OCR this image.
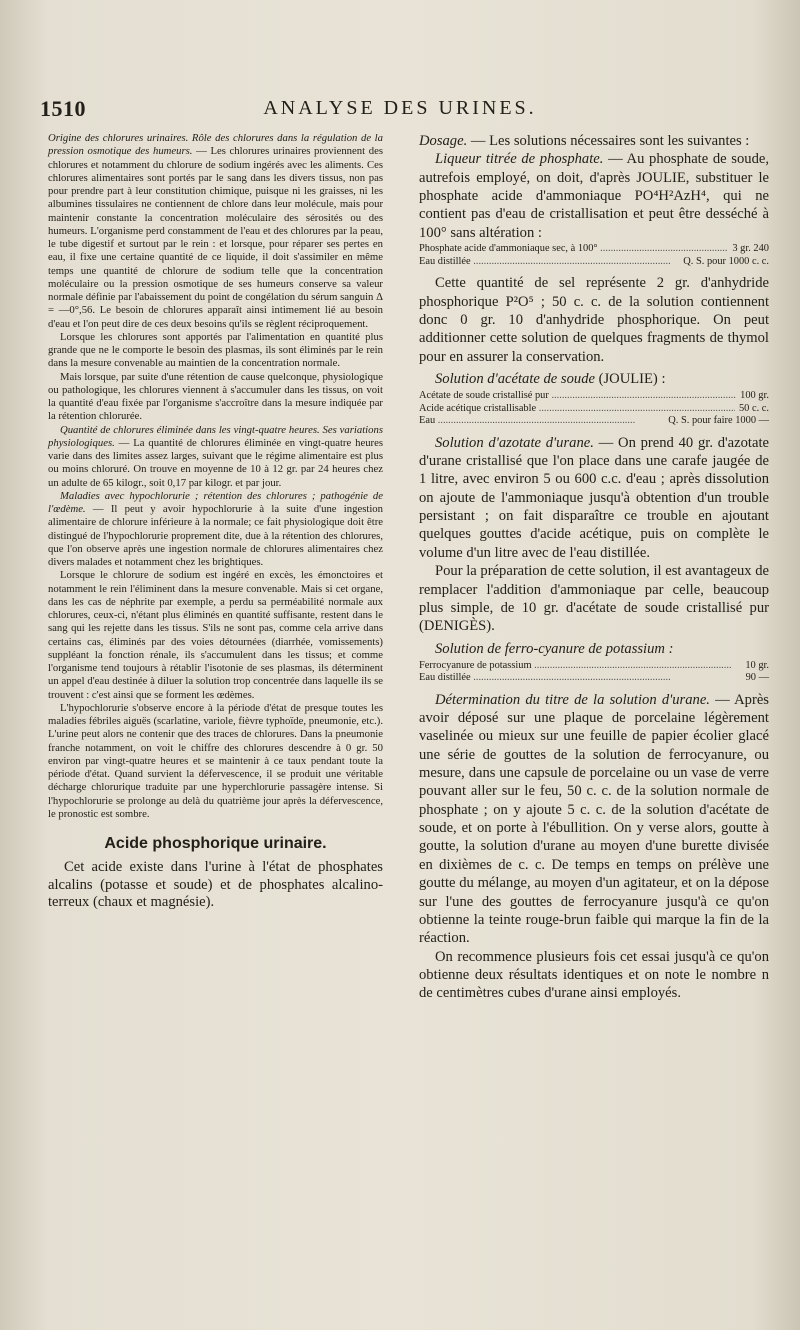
1510	ANALYSE DES URINES.

Origine des chlorures urinaires. Rôle des chlorures dans la régulation de la pression osmotique des humeurs. — Les chlorures urinaires proviennent des chlorures et notamment du chlorure de sodium ingérés avec les aliments. Ces chlorures alimentaires sont portés par le sang dans les divers tissus, non pas pour prendre part à leur constitution chimique, puisque ni les graisses, ni les albumines tissulaires ne contiennent de chlore dans leur molécule, mais pour maintenir constante la concentration moléculaire des sérosités ou des humeurs. L'organisme perd constamment de l'eau et des chlorures par la peau, le tube digestif et surtout par le rein : et lorsque, pour réparer ses pertes en eau, il fixe une certaine quantité de ce liquide, il doit s'assimiler en même temps une quantité de chlorure de sodium telle que la concentration moléculaire ou la pression osmotique de ses humeurs conserve sa valeur normale définie par l'abaissement du point de congélation du sérum sanguin Δ = —0°,56. Le besoin de chlorures apparaît ainsi intimement lié au besoin d'eau et l'on peut dire de ces deux besoins qu'ils se règlent réciproquement.

Lorsque les chlorures sont apportés par l'alimentation en quantité plus grande que ne le comporte le besoin des plasmas, ils sont éliminés par le rein dans la mesure convenable au maintien de la concentration normale.

Mais lorsque, par suite d'une rétention de cause quelconque, physiologique ou pathologique, les chlorures viennent à s'accumuler dans les tissus, on voit la quantité d'eau fixée par l'organisme s'accroître dans la mesure indiquée par la rétention chlorurée.

Quantité de chlorures éliminée dans les vingt-quatre heures. Ses variations physiologiques. — La quantité de chlorures éliminée en vingt-quatre heures varie dans des limites assez larges, suivant que le régime alimentaire est plus ou moins chloruré. On trouve en moyenne de 10 à 12 gr. par 24 heures chez un adulte de 65 kilogr., soit 0,17 par kilogr. et par jour.

Maladies avec hypochlorurie ; rétention des chlorures ; pathogénie de l'œdème. — Il peut y avoir hypochlorurie à la suite d'une ingestion alimentaire de chlorure inférieure à la normale; ce fait physiologique doit être distingué de l'hypochlorurie proprement dite, due à la rétention des chlorures, que l'on observe après une ingestion normale de chlorures alimentaires chez divers malades et notamment chez les brightiques.

Lorsque le chlorure de sodium est ingéré en excès, les émonctoires et notamment le rein l'éliminent dans la mesure convenable. Mais si cet organe, dans les cas de néphrite par exemple, a perdu sa perméabilité normale aux chlorures, ceux-ci, n'étant plus éliminés en quantité suffisante, restent dans le sang qui les rejette dans les tissus. S'ils ne sont pas, comme cela arrive dans certains cas, éliminés par des voies détournées (diarrhée, vomissements) suppléant la fonction rénale, ils s'accumulent dans les tissus; et comme l'organisme tend toujours à rétablir l'isotonie de ses plasmas, ils déterminent un appel d'eau destinée à diluer la solution trop concentrée dans laquelle ils se trouvent : c'est ainsi que se forment les œdèmes.

L'hypochlorurie s'observe encore à la période d'état de presque toutes les maladies fébriles aiguës (scarlatine, variole, fièvre typhoïde, pneumonie, etc.). L'urine peut alors ne contenir que des traces de chlorures. Dans la pneumonie franche notamment, on voit le chiffre des chlorures descendre à 0 gr. 50 environ par vingt-quatre heures et se maintenir à ce taux pendant toute la période d'état. Quand survient la défervescence, il se produit une véritable décharge chlorurique traduite par une hyperchlorurie passagère intense. Si l'hypochlorurie se prolonge au delà du quatrième jour après la défervescence, le pronostic est sombre.

Acide phosphorique urinaire.

Cet acide existe dans l'urine à l'état de phosphates alcalins (potasse et soude) et de phosphates alcalino-terreux (chaux et magnésie).

Dosage. — Les solutions nécessaires sont les suivantes :

Liqueur titrée de phosphate. — Au phosphate de soude, autrefois employé, on doit, d'après JOULIE, substituer le phosphate acide d'ammoniaque PO⁴H²AzH⁴, qui ne contient pas d'eau de cristallisation et peut être desséché à 100° sans altération :

Phosphate acide d'ammoniaque sec, à 100° .....	3 gr. 240
Eau distillée .....	Q. S. pour 1000 c. c.

Cette quantité de sel représente 2 gr. d'anhydride phosphorique P²O⁵ ; 50 c. c. de la solution contiennent donc 0 gr. 10 d'anhydride phosphorique. On peut additionner cette solution de quelques fragments de thymol pour en assurer la conservation.

Solution d'acétate de soude (JOULIE) :
Acétate de soude cristallisé pur .....	100 gr.
Acide acétique cristallisable .....	50 c. c.
Eau .....	Q. S. pour faire 1000 —

Solution d'azotate d'urane. — On prend 40 gr. d'azotate d'urane cristallisé que l'on place dans une carafe jaugée de 1 litre, avec environ 5 ou 600 c.c. d'eau ; après dissolution on ajoute de l'ammoniaque jusqu'à obtention d'un trouble persistant ; on fait disparaître ce trouble en ajoutant quelques gouttes d'acide acétique, puis on complète le volume d'un litre avec de l'eau distillée.

Pour la préparation de cette solution, il est avantageux de remplacer l'addition d'ammoniaque par celle, beaucoup plus simple, de 10 gr. d'acétate de soude cristallisé pur (DENIGÈS).

Solution de ferro-cyanure de potassium :
Ferrocyanure de potassium .....	10 gr.
Eau distillée .....	90 —

Détermination du titre de la solution d'urane. — Après avoir déposé sur une plaque de porcelaine légèrement vaselinée ou mieux sur une feuille de papier écolier glacé une série de gouttes de la solution de ferrocyanure, ou mesure, dans une capsule de porcelaine ou un vase de verre pouvant aller sur le feu, 50 c. c. de la solution normale de phosphate ; on y ajoute 5 c. c. de la solution d'acétate de soude, et on porte à l'ébullition. On y verse alors, goutte à goutte, la solution d'urane au moyen d'une burette divisée en dixièmes de c. c. De temps en temps on prélève une goutte du mélange, au moyen d'un agitateur, et on la dépose sur l'une des gouttes de ferrocyanure jusqu'à ce qu'on obtienne la teinte rouge-brun faible qui marque la fin de la réaction.

On recommence plusieurs fois cet essai jusqu'à ce qu'on obtienne deux résultats identiques et on note le nombre n de centimètres cubes d'urane ainsi employés.
